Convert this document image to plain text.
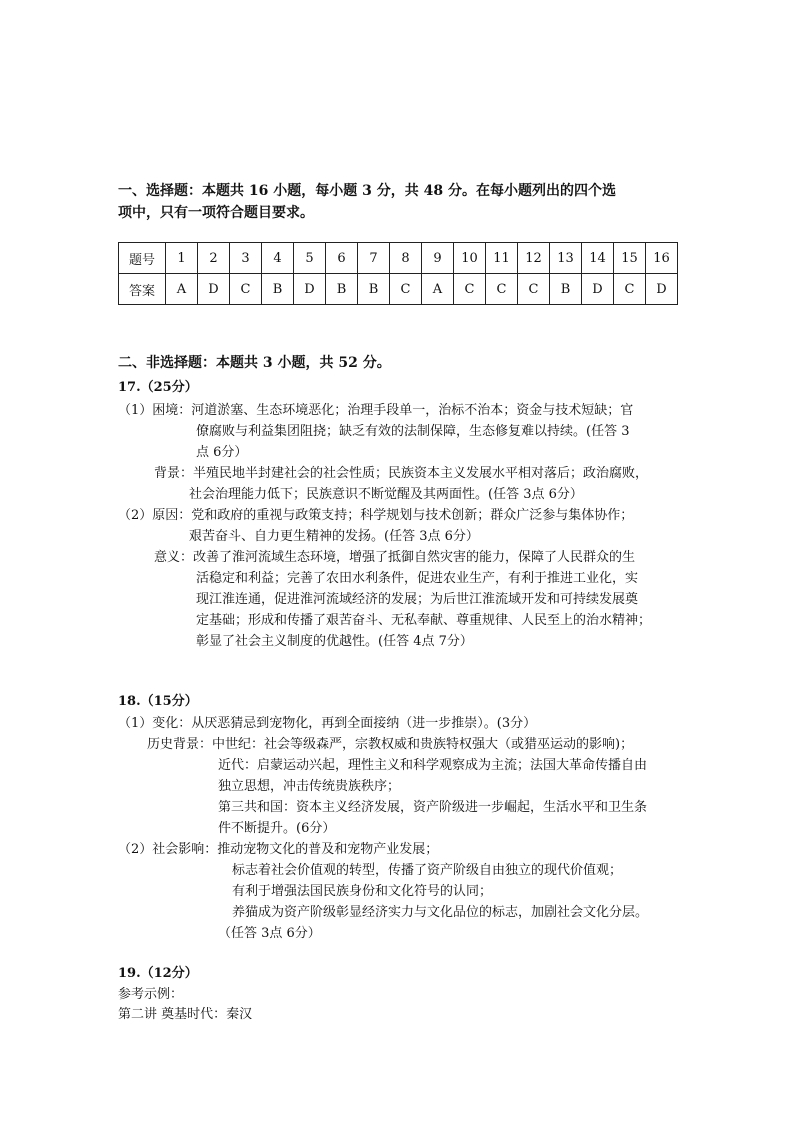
一、选择题：本题共 16 小题，每小题 3 分，共 48 分。在每小题列出的四个选
项中，只有一项符合题目要求。
题号	1	2	3	4	5	6	7	8	9	10	11	12	13	14	15	16
答案	A	D	C	B	D	B	B	C	A	C	C	C	B	D	C	D
二、非选择题：本题共 3 小题，共 52 分。
17.（25分）
（1）困境：河道淤塞、生态环境恶化；治理手段单一，治标不治本；资金与技术短缺；官
僚腐败与利益集团阻挠；缺乏有效的法制保障，生态修复难以持续。(任答 3
点 6分）
背景：半殖民地半封建社会的社会性质；民族资本主义发展水平相对落后；政治腐败，
社会治理能力低下；民族意识不断觉醒及其两面性。(任答 3点 6分）
（2）原因：党和政府的重视与政策支持；科学规划与技术创新；群众广泛参与集体协作；
艰苦奋斗、自力更生精神的发扬。(任答 3点 6分）
意义：改善了淮河流域生态环境，增强了抵御自然灾害的能力，保障了人民群众的生
活稳定和利益；完善了农田水利条件，促进农业生产，有利于推进工业化，实
现江淮连通，促进淮河流域经济的发展；为后世江淮流域开发和可持续发展奠
定基础；形成和传播了艰苦奋斗、无私奉献、尊重规律、人民至上的治水精神；
彰显了社会主义制度的优越性。(任答 4点 7分）
18.（15分）
（1）变化：从厌恶猜忌到宠物化，再到全面接纳（进一步推崇）。(3分）
历史背景：中世纪：社会等级森严，宗教权威和贵族特权强大（或猎巫运动的影响)；
近代：启蒙运动兴起，理性主义和科学观察成为主流；法国大革命传播自由
独立思想，冲击传统贵族秩序；
第三共和国：资本主义经济发展，资产阶级进一步崛起，生活水平和卫生条
件不断提升。(6分）
（2）社会影响：推动宠物文化的普及和宠物产业发展；
标志着社会价值观的转型，传播了资产阶级自由独立的现代价值观；
有利于增强法国民族身份和文化符号的认同；
养猫成为资产阶级彰显经济实力与文化品位的标志，加剧社会文化分层。
（任答 3点 6分）
19.（12分）
参考示例：
第二讲 奠基时代：秦汉
